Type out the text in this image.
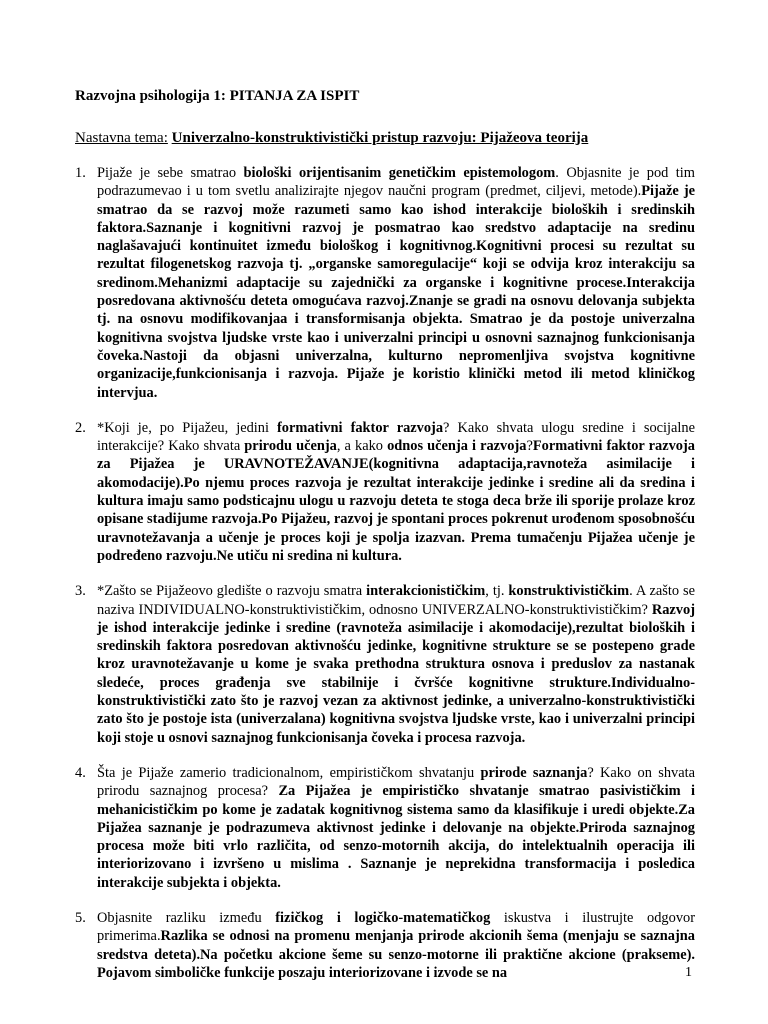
Razvojna psihologija 1: PITANJA ZA ISPIT
Nastavna tema: Univerzalno-konstruktivistički pristup razvoju: Pijažeova teorija
1. Pijaže je sebe smatrao biološki orijentisanim genetičkim epistemologom. Objasnite je pod tim podrazumevao i u tom svetlu analizirajte njegov naučni program (predmet, ciljevi, metode).Pijaže je smatrao da se razvoj može razumeti samo kao ishod interakcije bioloških i sredinskih faktora.Saznanje i kognitivni razvoj je posmatrao kao sredstvo adaptacije na sredinu naglašavajući kontinuitet između biološkog i kognitivnog.Kognitivni procesi su rezultat su rezultat filogenetskog razvoja tj. „organske samoregulacije“ koji se odvija kroz interakciju sa sredinom.Mehanizmi adaptacije su zajednički za organske i kognitivne procese.Interakcija posredovana aktivnošću deteta omogućava razvoj.Znanje se gradi na osnovu delovanja subjekta tj. na osnovu modifikovanjaa i transformisanja objekta. Smatrao je da postoje univerzalna kognitivna svojstva ljudske vrste kao i univerzalni principi u osnovni saznajnog funkcionisanja čoveka.Nastoji da objasni univerzalna, kulturno nepromenljiva svojstva kognitivne organizacije,funkcionisanja i razvoja. Pijaže je koristio klinički metod ili metod kliničkog intervjua.
2. *Koji je, po Pijažeu, jedini formativni faktor razvoja? Kako shvata ulogu sredine i socijalne interakcije? Kako shvata prirodu učenja, a kako odnos učenja i razvoja?Formativni faktor razvoja za Pijažea je URAVNOTEŽAVANJE(kognitivna adaptacija,ravnoteža asimilacije i akomodacije).Po njemu proces razvoja je rezultat interakcije jedinke i sredine ali da sredina i kultura imaju samo podsticajnu ulogu u razvoju deteta te stoga deca brže ili sporije prolaze kroz opisane stadijume razvoja.Po Pijažeu, razvoj je spontani proces pokrenut urođenom sposobnošću uravnotežavanja a učenje je proces koji je spolja izazvan. Prema tumačenju Pijažea učenje je podređeno razvoju.Ne utiču ni sredina ni kultura.
3. *Zašto se Pijažeovo gledište o razvoju smatra interakcionističkim, tj. konstruktivističkim. A zašto se naziva INDIVIDUALNO-konstruktivističkim, odnosno UNIVERZALNO-konstruktivističkim? Razvoj je ishod interakcije jedinke i sredine (ravnoteža asimilacije i akomodacije),rezultat bioloških i sredinskih faktora posredovan aktivnošću jedinke, kognitivne strukture se se postepeno grade kroz uravnotežavanje u kome je svaka prethodna struktura osnova i preduslov za nastanak sledeće, proces građenja sve stabilnije i čvršće kognitivne strukture.Individualno-konstruktivistički zato što je razvoj vezan za aktivnost jedinke, a univerzalno-konstruktivistički zato što je postoje ista (univerzalana) kognitivna svojstva ljudske vrste, kao i univerzalni principi koji stoje u osnovi saznajnog funkcionisanja čoveka i procesa razvoja.
4. Šta je Pijaže zamerio tradicionalnom, empirističkom shvatanju prirode saznanja? Kako on shvata prirodu saznajnog procesa? Za Pijažea je empirističko shvatanje smatrao pasivističkim i mehanicističkim po kome je zadatak kognitivnog sistema samo da klasifikuje i uredi objekte.Za Pijažea saznanje je podrazumeva aktivnost jedinke i delovanje na objekte.Priroda saznajnog procesa može biti vrlo različita, od senzo-motornih akcija, do intelektualnih operacija ili interiorizovano i izvršeno u mislima . Saznanje je neprekidna transformacija i posledica interakcije subjekta i objekta.
5. Objasnite razliku između fizičkog i logičko-matematičkog iskustva i ilustrujte odgovor primerima.Razlika se odnosi na promenu menjanja prirode akcionih šema (menjaju se saznajna sredstva deteta).Na početku akcione šeme su senzo-motorne ili praktične akcione (prakseme). Pojavom simboličke funkcije poszaju interiorizovane i izvode se na	1
